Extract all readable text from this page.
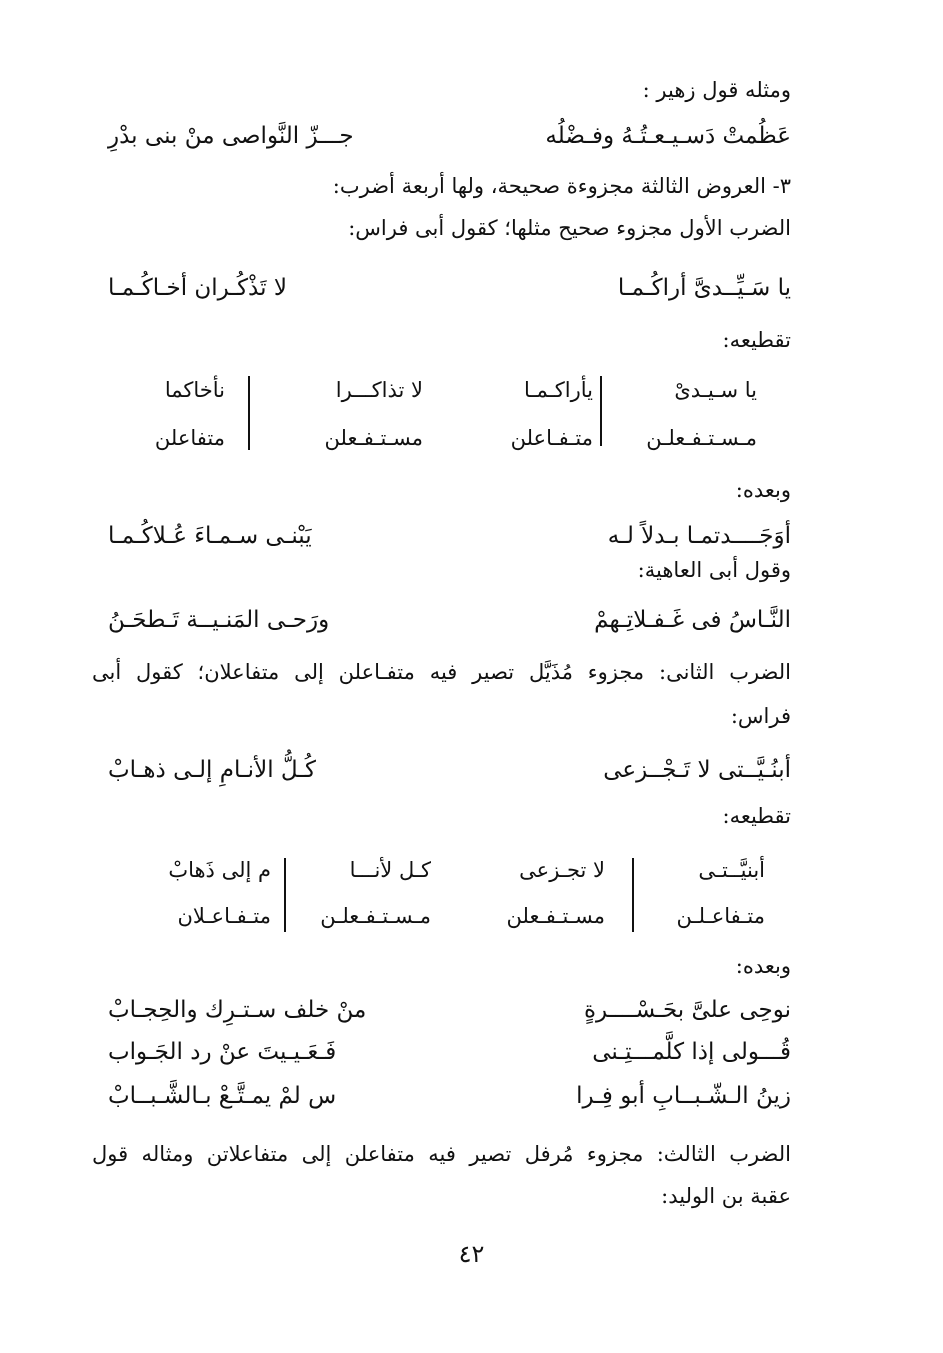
ومثله قول زهير :
عَظُمتْ دَسـيـعـتُـهُ وفـضْلُه
جـــزّ النَّواصى منْ بنى بدْرِ
٣- العروض الثالثة مجزوءة صحيحة، ولها أربعة أضرب:
الضرب الأول مجزوء صحيح مثلها؛ كقول أبى فراس:
يا سَـيِّــدىَّ أراكُـمـا
لا تَذْكُـران أخـاكُـمـا
تقطيعه:
يا سـيـدىْ
يأراكـمـا
لا تذاكـــرا
نأخاكما
مـسـتـفـعلـن
متـفـاعلن
مسـتـفـعلن
متفاعلن
وبعده:
أوَجَــــدتمـا بـدلاً لـه
يَبْنـى سـمـاءَ عُـلاكُـمـا
وقول أبى العاهية:
النَّـاسُ فى غَـفـلاتِـهمْ
ورَحـى المَنـيــة تَـطحَـنُ
الضرب الثانى: مجزوء مُذَيَّل تصير فيه متفـاعلن إلى متفاعلان؛ كقول أبى
فراس:
أبنُـيَّــتى لا تَـجْــزعى
كُـلُّ الأنـامِ إلـى ذهـابْ
تقطيعه:
أبنيَّــتـى
لا تجـزعى
كـل لأنـــا
م إلى ذَهابْ
متـفاعـلـن
مسـتـفـعلن
مـسـتـفـعلـن
متـفـاعـلان
وبعده:
نوحِى علىَّ بحَـسْــــرةٍ
منْ خلف سـتـرِك والحِجـابْ
قُـــولى إذا كلَّمـــتِـنى
فَـعَـيـيتَ عنْ رد الجَـواب
زينُ الـشّـبــابِ أبو فِـرا
س لمْ يمـتَّـعْ بـالشَّـبــابْ
الضرب الثالث: مجزوء مُرفل تصير فيه متفاعلن إلى متفاعلاتن ومثاله قول
عقبة بن الوليد:
٤٢
